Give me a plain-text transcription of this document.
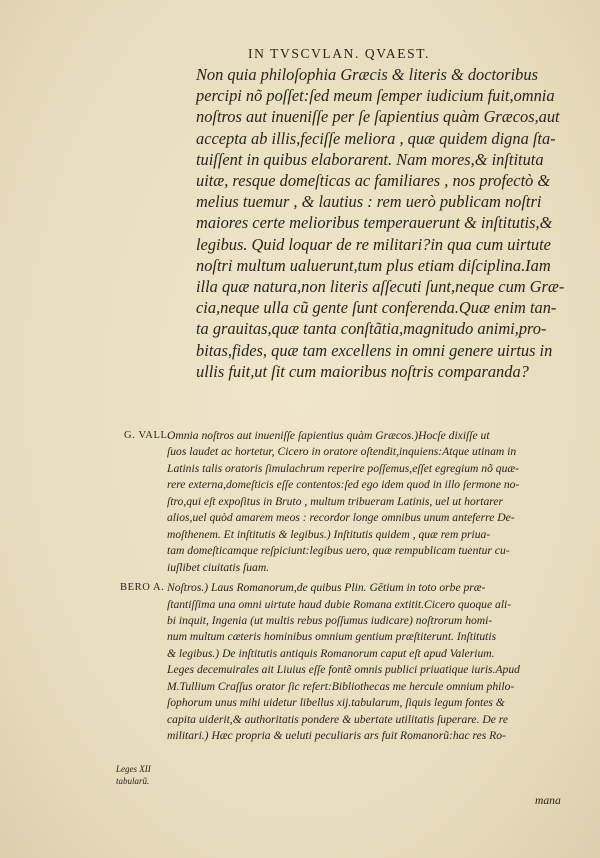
IN TVSCVLAN. QVAEST.
Non quia philoſophia Græcis & literis & doctoribus
percipi nõ poſſet:ſed meum ſemper iudicium fuit,omnia
noſtros aut inueniſſe per ſe ſapientius quàm Græcos,aut
accepta ab illis,feciſſe meliora , quæ quidem digna ſta-
tuiſſent in quibus elaborarent. Nam mores,& inſtituta
uitæ, resque domeſticas ac familiares , nos profectò &
melius tuemur , & lautius : rem uerò publicam noſtri
maiores certe melioribus temperauerunt & inſtitutis,&
legibus. Quid loquar de re militari?in qua cum uirtute
noſtri multum ualuerunt,tum plus etiam diſciplina.Iam
illa quæ natura,non literis aſſecuti ſunt,neque cum Græ-
cia,neque ulla cũ gente ſunt conferenda.Quæ enim tan-
ta grauitas,quæ tanta conſtãtia,magnitudo animi,pro-
bitas,fides, quæ tam excellens in omni genere uirtus in
ullis fuit,ut ſit cum maioribus noſtris comparanda?
G. VALL.
BERO A.
Leges XII
tabularũ.
Omnia noſtros aut inueniſſe ſapientius quàm Græcos.)Hocſe dixiſſe ut
ſuos laudet ac hortetur, Cicero in oratore oſtendit,inquiens:Atque utinam in
Latinis talis oratoris ſimulachrum reperire poſſemus,eſſet egregium nõ quæ-
rere externa,domeſticis eſſe contentos:ſed ego idem quod in illo ſermone no-
ſtro,qui eſt expoſitus in Bruto , multum tribueram Latinis, uel ut hortarer
alios,uel quòd amarem meos : recordor longe omnibus unum anteferre De-
moſthenem. Et inſtitutis & legibus.) Inſtitutis quidem , quæ rem priua-
tam domeſticamque reſpiciunt:legibus uero, quæ rempublicam tuentur cu-
iuſlibet ciuitatis ſuam.
Noſtros.) Laus Romanorum,de quibus Plin. Gētium in toto orbe præ-
ſtantiſſima una omni uirtute haud dubie Romana extitit.Cicero quoque ali-
bi inquit, Ingenia (ut multis rebus poſſumus iudicare) noſtrorum homi-
num multum cæteris hominibus omnium gentium præſtiterunt. Inſtitutis
& legibus.) De inſtitutis antiquis Romanorum caput eſt apud Valerium.
Leges decemuirales ait Liuius eſſe fontẽ omnis publici priuatique iuris.Apud
M.Tullium Craſſus orator ſic refert:Bibliothecas me hercule omnium philo-
ſophorum unus mihi uidetur libellus xij.tabularum, ſiquis legum fontes &
capita uiderit,& authoritatis pondere & ubertate utilitatis ſuperare. De re
militari.) Hæc propria & ueluti peculiaris ars fuit Romanorũ:hac res Ro-
mana
